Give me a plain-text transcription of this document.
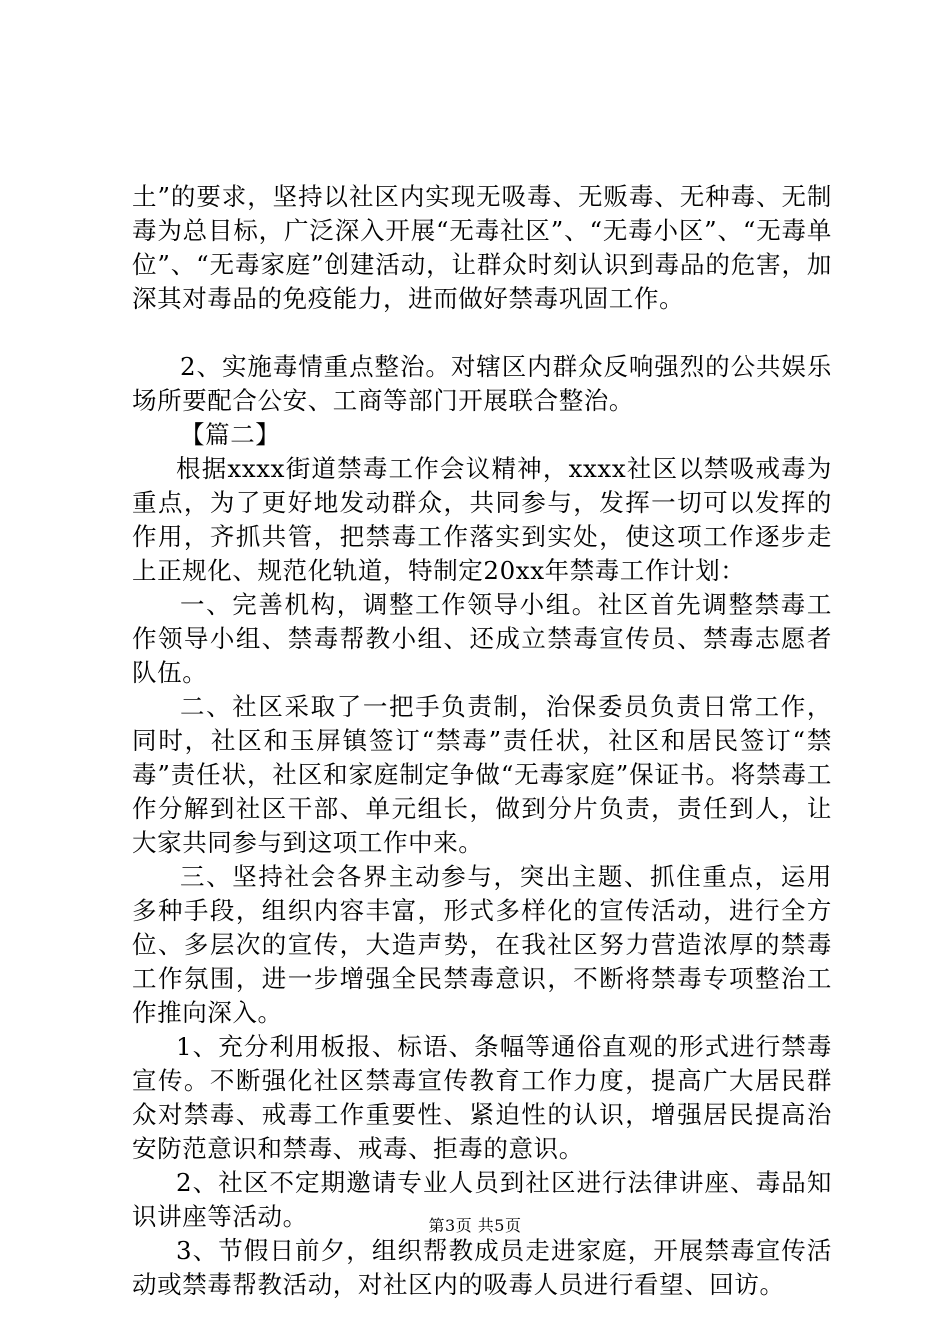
土”的要求，坚持以社区内实现无吸毒、无贩毒、无种毒、无制毒为总目标，广泛深入开展“无毒社区”、“无毒小区”、“无毒单位”、“无毒家庭”创建活动，让群众时刻认识到毒品的危害，加深其对毒品的免疫能力，进而做好禁毒巩固工作。

2、实施毒情重点整治。对辖区内群众反响强烈的公共娱乐场所要配合公安、工商等部门开展联合整治。

【篇二】

根据xxxx街道禁毒工作会议精神，xxxx社区以禁吸戒毒为重点，为了更好地发动群众，共同参与，发挥一切可以发挥的作用，齐抓共管，把禁毒工作落实到实处，使这项工作逐步走上正规化、规范化轨道，特制定20xx年禁毒工作计划：

一、完善机构，调整工作领导小组。社区首先调整禁毒工作领导小组、禁毒帮教小组、还成立禁毒宣传员、禁毒志愿者队伍。

二、社区采取了一把手负责制，治保委员负责日常工作，同时，社区和玉屏镇签订“禁毒”责任状，社区和居民签订“禁毒”责任状，社区和家庭制定争做“无毒家庭”保证书。将禁毒工作分解到社区干部、单元组长，做到分片负责，责任到人，让大家共同参与到这项工作中来。

三、坚持社会各界主动参与，突出主题、抓住重点，运用多种手段，组织内容丰富，形式多样化的宣传活动，进行全方位、多层次的宣传，大造声势，在我社区努力营造浓厚的禁毒工作氛围，进一步增强全民禁毒意识，不断将禁毒专项整治工作推向深入。

1、充分利用板报、标语、条幅等通俗直观的形式进行禁毒宣传。不断强化社区禁毒宣传教育工作力度，提高广大居民群众对禁毒、戒毒工作重要性、紧迫性的认识，增强居民提高治安防范意识和禁毒、戒毒、拒毒的意识。

2、社区不定期邀请专业人员到社区进行法律讲座、毒品知识讲座等活动。

3、节假日前夕，组织帮教成员走进家庭，开展禁毒宣传活动或禁毒帮教活动，对社区内的吸毒人员进行看望、回访。

第3页 共5页
